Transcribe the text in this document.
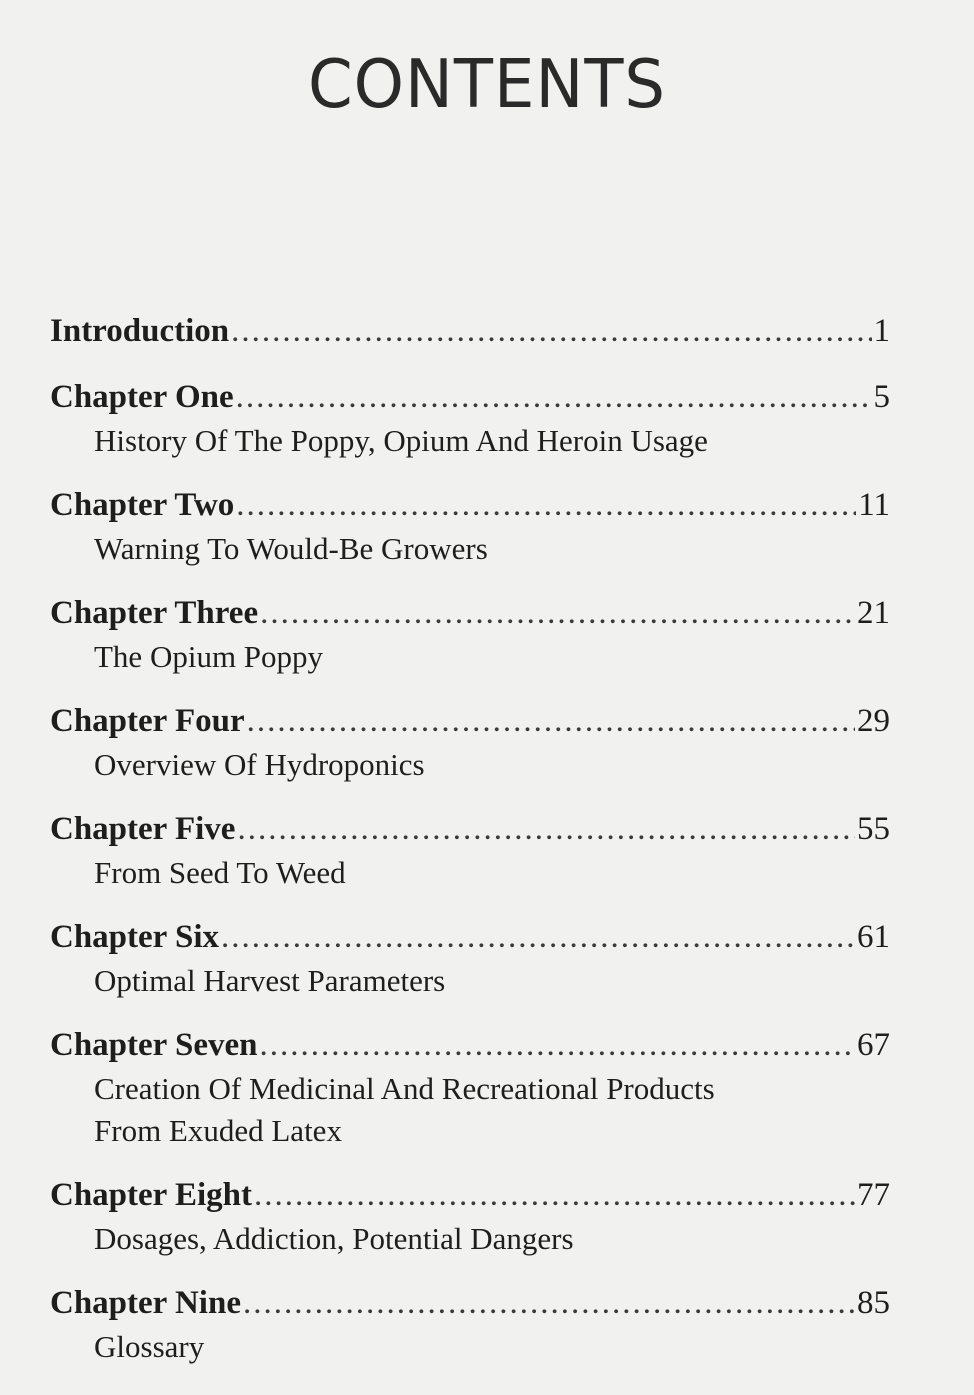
CONTENTS
Introduction .....	1
Chapter One .....	5
History Of The Poppy, Opium And Heroin Usage
Chapter Two .....	11
Warning To Would-Be Growers
Chapter Three .....	21
The Opium Poppy
Chapter Four .....	29
Overview Of Hydroponics
Chapter Five .....	55
From Seed To Weed
Chapter Six .....	61
Optimal Harvest Parameters
Chapter Seven .....	67
Creation Of Medicinal And Recreational Products
From Exuded Latex
Chapter Eight .....	77
Dosages, Addiction, Potential Dangers
Chapter Nine .....	85
Glossary
